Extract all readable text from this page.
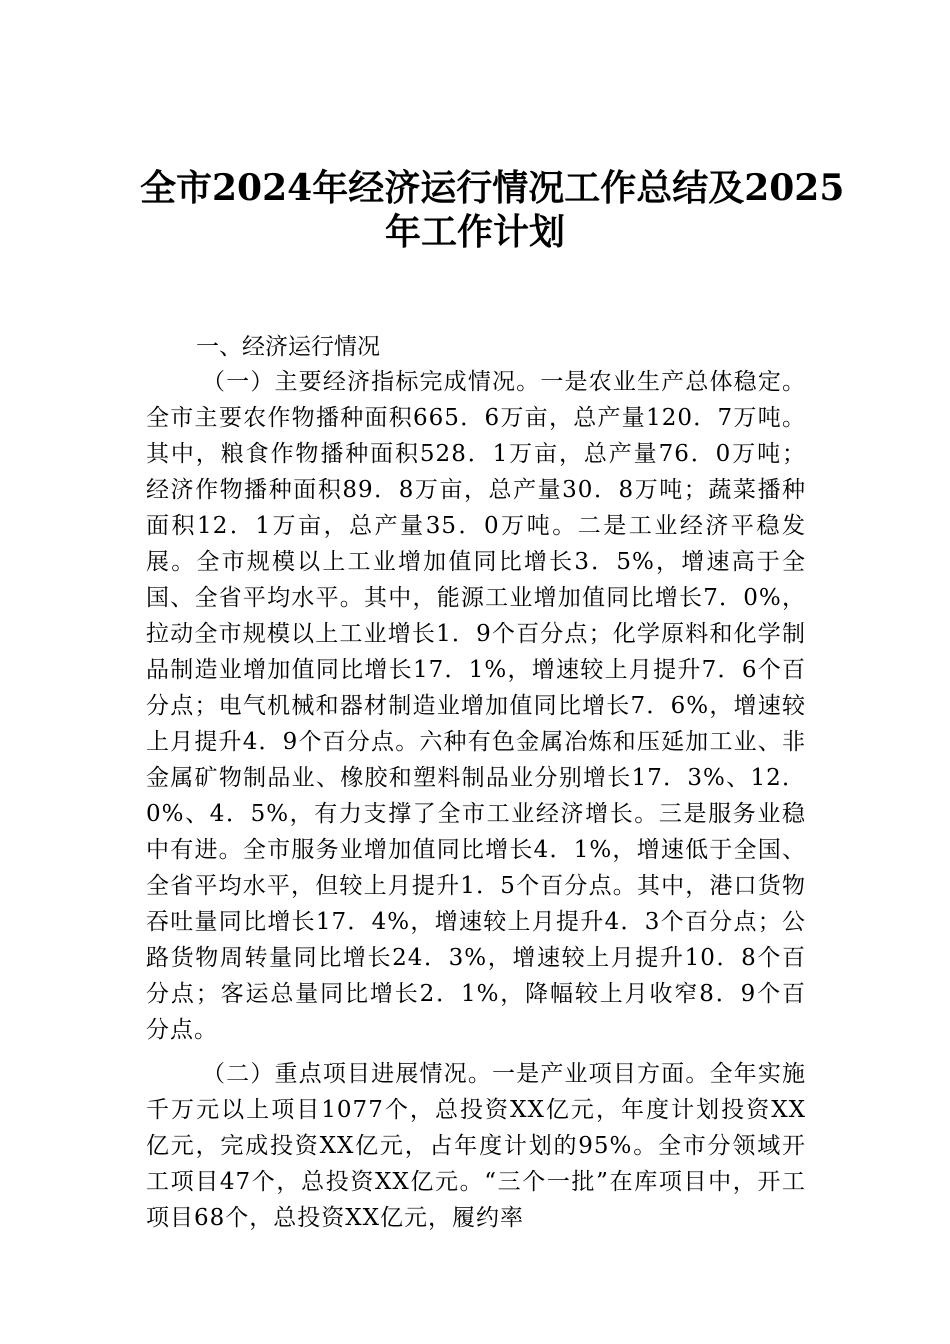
全市2024年经济运行情况工作总结及2025
年工作计划
一、经济运行情况
（一）主要经济指标完成情况。一是农业生产总体稳定。全市主要农作物播种面积665．6万亩，总产量120．7万吨。其中，粮食作物播种面积528．1万亩，总产量76．0万吨；经济作物播种面积89．8万亩，总产量30．8万吨；蔬菜播种面积12．1万亩，总产量35．0万吨。二是工业经济平稳发展。全市规模以上工业增加值同比增长3．5%，增速高于全国、全省平均水平。其中，能源工业增加值同比增长7．0%，拉动全市规模以上工业增长1．9个百分点；化学原料和化学制品制造业增加值同比增长17．1%，增速较上月提升7．6个百分点；电气机械和器材制造业增加值同比增长7．6%，增速较上月提升4．9个百分点。六种有色金属冶炼和压延加工业、非金属矿物制品业、橡胶和塑料制品业分别增长17．3%、12．0%、4．5%，有力支撑了全市工业经济增长。三是服务业稳中有进。全市服务业增加值同比增长4．1%，增速低于全国、全省平均水平，但较上月提升1．5个百分点。其中，港口货物吞吐量同比增长17．4%，增速较上月提升4．3个百分点；公路货物周转量同比增长24．3%，增速较上月提升10．8个百分点；客运总量同比增长2．1%，降幅较上月收窄8．9个百分点。
（二）重点项目进展情况。一是产业项目方面。全年实施千万元以上项目1077个，总投资XX亿元，年度计划投资XX亿元，完成投资XX亿元，占年度计划的95%。全市分领域开工项目47个，总投资XX亿元。“三个一批”在库项目中，开工项目68个，总投资XX亿元，履约率
